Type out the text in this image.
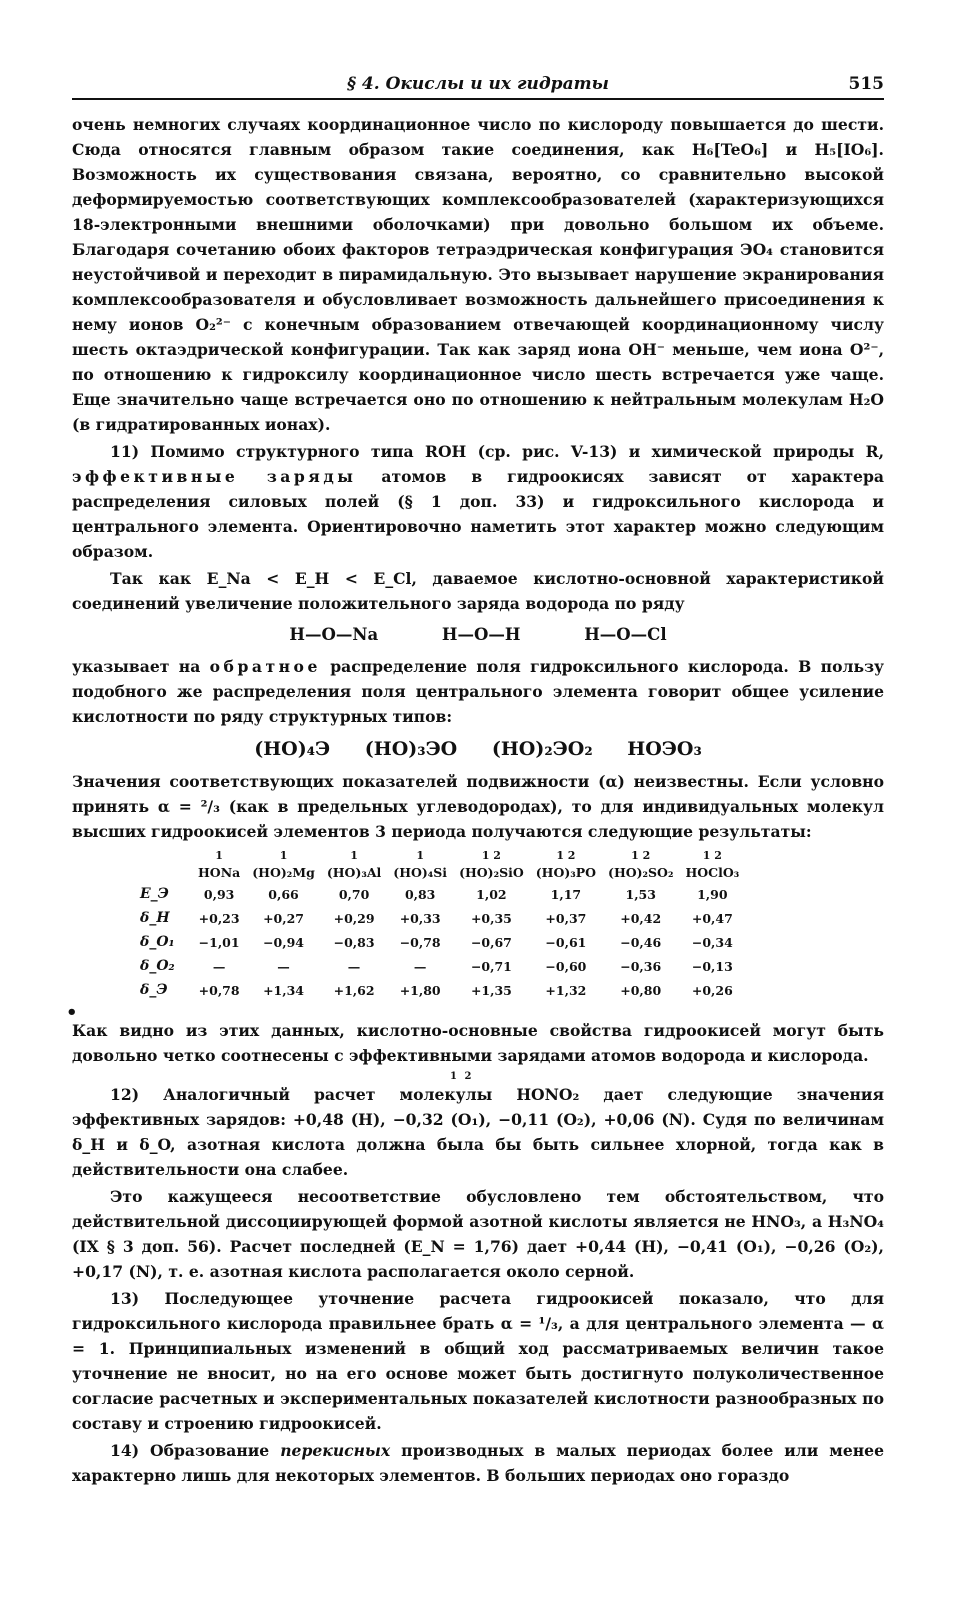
§ 4. Окислы и их гидраты	515

очень немногих случаях координационное число по кислороду повышается до шести. Сюда относятся главным образом такие соединения, как H₆[TeO₆] и H₅[IO₆]. Возможность их существования связана, вероятно, со сравнительно высокой деформируемостью соответствующих комплексообразователей (характеризующихся 18-электронными внешними оболочками) при довольно большом их объеме. Благодаря сочетанию обоих факторов тетраэдрическая конфигурация ЭO₄ становится неустойчивой и переходит в пирамидальную. Это вызывает нарушение экранирования комплексообразователя и обусловливает возможность дальнейшего присоединения к нему ионов O₂²⁻ с конечным образованием отвечающей координационному числу шесть октаэдрической конфигурации. Так как заряд иона OH⁻ меньше, чем иона O²⁻, по отношению к гидроксилу координационное число шесть встречается уже чаще. Еще значительно чаще встречается оно по отношению к нейтральным молекулам H₂O (в гидратированных ионах).

11) Помимо структурного типа ROH (ср. рис. V-13) и химической природы R, эффективные заряды атомов в гидроокисях зависят от характера распределения силовых полей (§ 1 доп. 33) и гидроксильного кислорода и центрального элемента. Ориентировочно наметить этот характер можно следующим образом.

Так как E_Na < E_H < E_Cl, даваемое кислотно-основной характеристикой соединений увеличение положительного заряда водорода по ряду

H—O—Na	H—O—H	H—O—Cl

указывает на обратное распределение поля гидроксильного кислорода. В пользу подобного же распределения поля центрального элемента говорит общее усиление кислотности по ряду структурных типов:

(HO)₄Э (HO)₃ЭO (HO)₂ЭO₂ HOЭO₃

Значения соответствующих показателей подвижности (α) неизвестны. Если условно принять α = ²/₃ (как в предельных углеводородах), то для индивидуальных молекул высших гидроокисей элементов 3 периода получаются следующие результаты:

	1	1	1	1	1 2	1 2	1 2	1 2
	HONa	(HO)₂Mg	(HO)₃Al	(HO)₄Si	(HO)₂SiO	(HO)₃PO	(HO)₂SO₂	HOClO₃
E_Э	0,93	0,66	0,70	0,83	1,02	1,17	1,53	1,90
δ_H	+0,23	+0,27	+0,29	+0,33	+0,35	+0,37	+0,42	+0,47
δ_O₁	−1,01	−0,94	−0,83	−0,78	−0,67	−0,61	−0,46	−0,34
δ_O₂	—	—	—	—	−0,71	−0,60	−0,36	−0,13
δ_Э	+0,78	+1,34	+1,62	+1,80	+1,35	+1,32	+0,80	+0,26
•

Как видно из этих данных, кислотно-основные свойства гидроокисей могут быть довольно четко соотнесены с эффективными зарядами атомов водорода и кислорода.

1 2

12) Аналогичный расчет молекулы HONO₂ дает следующие значения эффективных зарядов: +0,48 (H), −0,32 (O₁), −0,11 (O₂), +0,06 (N). Судя по величинам δ_H и δ_O, азотная кислота должна была бы быть сильнее хлорной, тогда как в действительности она слабее.

Это кажущееся несоответствие обусловлено тем обстоятельством, что действительной диссоциирующей формой азотной кислоты является не HNO₃, а H₃NO₄ (IX § 3 доп. 56). Расчет последней (E_N = 1,76) дает +0,44 (H), −0,41 (O₁), −0,26 (O₂), +0,17 (N), т. е. азотная кислота располагается около серной.

13) Последующее уточнение расчета гидроокисей показало, что для гидроксильного кислорода правильнее брать α = ¹/₃, а для центрального элемента — α = 1. Принципиальных изменений в общий ход рассматриваемых величин такое уточнение не вносит, но на его основе может быть достигнуто полуколичественное согласие расчетных и экспериментальных показателей кислотности разнообразных по составу и строению гидроокисей.

14) Образование перекисных производных в малых периодах более или менее характерно лишь для некоторых элементов. В больших периодах оно гораздо
